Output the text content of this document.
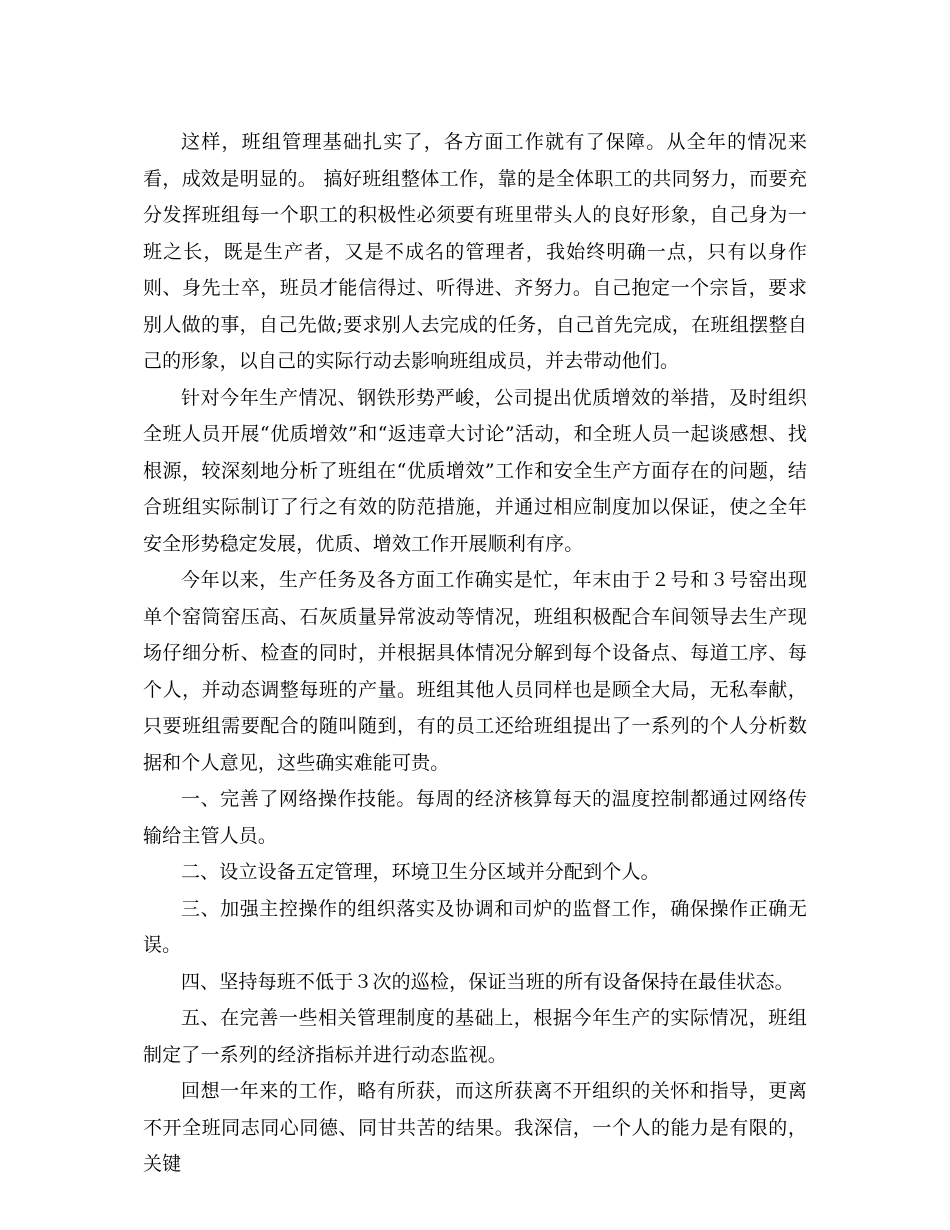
这样，班组管理基础扎实了，各方面工作就有了保障。从全年的情况来看，成效是明显的。 搞好班组整体工作，靠的是全体职工的共同努力，而要充分发挥班组每一个职工的积极性必须要有班里带头人的良好形象，自己身为一班之长，既是生产者，又是不成名的管理者，我始终明确一点，只有以身作则、身先士卒，班员才能信得过、听得进、齐努力。自己抱定一个宗旨，要求别人做的事，自己先做;要求别人去完成的任务，自己首先完成，在班组摆整自己的形象，以自己的实际行动去影响班组成员，并去带动他们。

针对今年生产情况、钢铁形势严峻，公司提出优质增效的举措，及时组织全班人员开展“优质增效”和“返违章大讨论”活动，和全班人员一起谈感想、找根源，较深刻地分析了班组在“优质增效”工作和安全生产方面存在的问题，结合班组实际制订了行之有效的防范措施，并通过相应制度加以保证，使之全年安全形势稳定发展，优质、增效工作开展顺利有序。

今年以来，生产任务及各方面工作确实是忙，年末由于２号和３号窑出现单个窑筒窑压高、石灰质量异常波动等情况，班组积极配合车间领导去生产现场仔细分析、检查的同时，并根据具体情况分解到每个设备点、每道工序、每个人，并动态调整每班的产量。班组其他人员同样也是顾全大局，无私奉献，只要班组需要配合的随叫随到，有的员工还给班组提出了一系列的个人分析数据和个人意见，这些确实难能可贵。

一、完善了网络操作技能。每周的经济核算每天的温度控制都通过网络传输给主管人员。

二、设立设备五定管理，环境卫生分区域并分配到个人。

三、加强主控操作的组织落实及协调和司炉的监督工作，确保操作正确无误。

四、坚持每班不低于３次的巡检，保证当班的所有设备保持在最佳状态。

五、在完善一些相关管理制度的基础上，根据今年生产的实际情况，班组制定了一系列的经济指标并进行动态监视。

回想一年来的工作，略有所获，而这所获离不开组织的关怀和指导，更离不开全班同志同心同德、同甘共苦的结果。我深信，一个人的能力是有限的，关键
